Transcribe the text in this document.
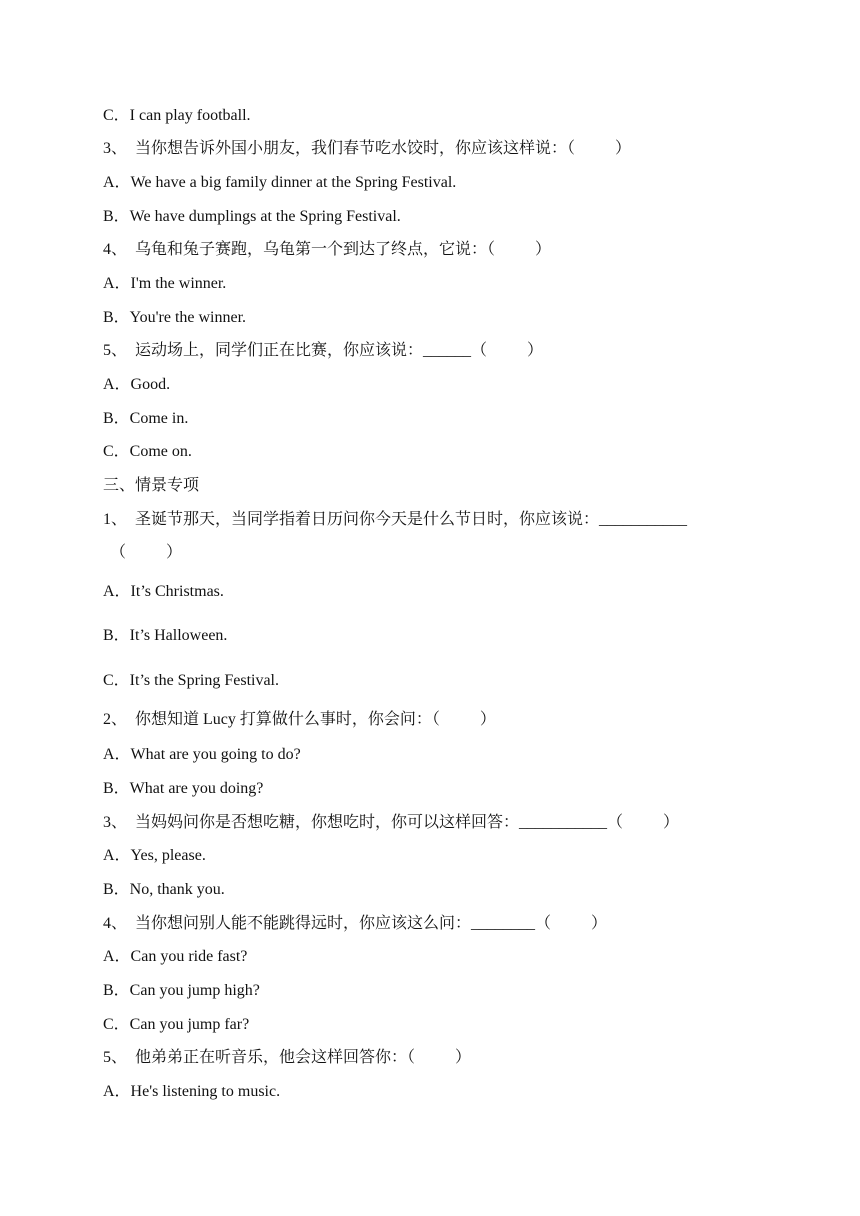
C．I can play football.
3、  当你想告诉外国小朋友，我们春节吃水饺时，你应该这样说：（          ）
A．We have a big family dinner at the Spring Festival.
B．We have dumplings at the Spring Festival.
4、  乌龟和兔子赛跑，乌龟第一个到达了终点，它说：（          ）
A．I'm the winner.
B．You're the winner.
5、  运动场上，同学们正在比赛，你应该说：______（          ）
A．Good.
B．Come in.
C．Come on.
三、情景专项
1、  圣诞节那天，当同学指着日历问你今天是什么节日时，你应该说：___________
（          ）
A．It’s Christmas.
B．It’s Halloween.
C．It’s the Spring Festival.
2、  你想知道 Lucy 打算做什么事时，你会问：（          ）
A．What are you going to do?
B．What are you doing?
3、  当妈妈问你是否想吃糖，你想吃时，你可以这样回答：___________（          ）
A．Yes, please.
B．No, thank you.
4、  当你想问别人能不能跳得远时，你应该这么问：________（          ）
A．Can you ride fast?
B．Can you jump high?
C．Can you jump far?
5、  他弟弟正在听音乐，他会这样回答你：（          ）
A．He's listening to music.
